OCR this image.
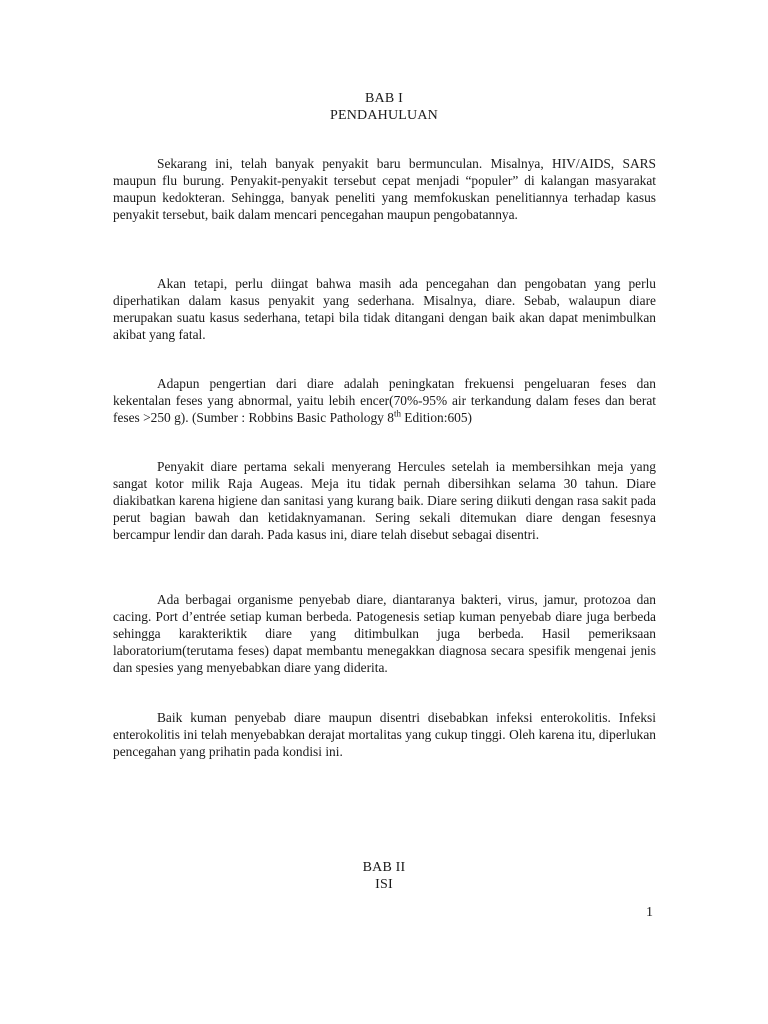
BAB I
PENDAHULUAN

Sekarang ini, telah banyak penyakit baru bermunculan. Misalnya, HIV/AIDS, SARS maupun flu burung. Penyakit-penyakit tersebut cepat menjadi “populer” di kalangan masyarakat maupun kedokteran. Sehingga, banyak peneliti yang memfokuskan penelitiannya terhadap kasus penyakit tersebut, baik dalam mencari pencegahan maupun pengobatannya.

Akan tetapi, perlu diingat bahwa masih ada pencegahan dan pengobatan yang perlu diperhatikan dalam kasus penyakit yang sederhana. Misalnya, diare. Sebab, walaupun diare merupakan suatu kasus sederhana, tetapi bila tidak ditangani dengan baik akan dapat menimbulkan akibat yang fatal.

Adapun pengertian dari diare adalah peningkatan frekuensi pengeluaran feses dan kekentalan feses yang abnormal, yaitu lebih encer(70%-95% air terkandung dalam feses dan berat feses >250 g). (Sumber : Robbins Basic Pathology 8th Edition:605)

Penyakit diare pertama sekali menyerang Hercules setelah ia membersihkan meja yang sangat kotor milik Raja Augeas. Meja itu tidak pernah dibersihkan selama 30 tahun. Diare diakibatkan karena higiene dan sanitasi yang kurang baik. Diare sering diikuti dengan rasa sakit pada perut bagian bawah dan ketidaknyamanan. Sering sekali ditemukan diare dengan fesesnya bercampur lendir dan darah. Pada kasus ini, diare telah disebut sebagai disentri.

Ada berbagai organisme penyebab diare, diantaranya bakteri, virus, jamur, protozoa dan cacing. Port d’entrée setiap kuman berbeda. Patogenesis setiap kuman penyebab diare juga berbeda sehingga karakteriktik diare yang ditimbulkan juga berbeda. Hasil pemeriksaan laboratorium(terutama feses) dapat membantu menegakkan diagnosa secara spesifik mengenai jenis dan spesies yang menyebabkan diare yang diderita.

Baik kuman penyebab diare maupun disentri disebabkan infeksi enterokolitis. Infeksi enterokolitis ini telah menyebabkan derajat mortalitas yang cukup tinggi. Oleh karena itu, diperlukan pencegahan yang prihatin pada kondisi ini.

BAB II
ISI
1
